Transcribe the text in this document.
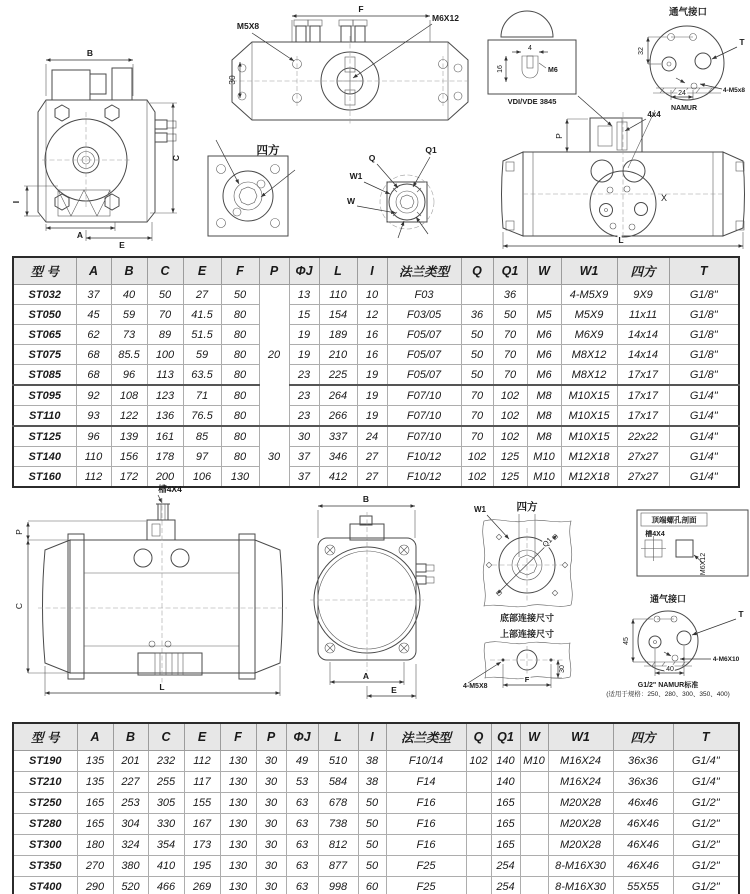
B
C
I
A
E
F
M5X8
M6X12
30
四方
Q
Q1
W1
W
4
M6
16
VDI/VDE 3845
通气接口
32
24
NAMUR
T
4-M5x8
4x4
P
X
L
型 号	A	B	C	E	F	P	ΦJ	L	I	法兰类型	Q	Q1	W	W1	四方	T
ST032	37	40	50	27	50	20	13	110	10	F03		36		4-M5X9	9X9	G1/8"
ST050	45	59	70	41.5	80		15	154	12	F03/05	36	50	M5	M5X9	11x11	G1/8"
ST065	62	73	89	51.5	80		19	189	16	F05/07	50	70	M6	M6X9	14x14	G1/8"
ST075	68	85.5	100	59	80		19	210	16	F05/07	50	70	M6	M8X12	14x14	G1/8"
ST085	68	96	113	63.5	80		23	225	19	F05/07	50	70	M6	M8X12	17x17	G1/8"
ST095	92	108	123	71	80		23	264	19	F07/10	70	102	M8	M10X15	17x17	G1/4"
ST110	93	122	136	76.5	80		23	266	19	F07/10	70	102	M8	M10X15	17x17	G1/4"
ST125	96	139	161	85	80	30	30	337	24	F07/10	70	102	M8	M10X15	22x22	G1/4"
ST140	110	156	178	97	80		37	346	27	F10/12	102	125	M10	M12X18	27x27	G1/4"
ST160	112	172	200	106	130		37	412	27	F10/12	102	125	M10	M12X18	27x27	G1/4"
槽4X4
P
C
L
B
A
E
W1	四方
Q1
底部连接尺寸
上部连接尺寸
4-M5X8
F
30
顶端螺孔剖面
槽4X4
M6X12
通气接口
45
40
T
4-M6X10
G1/2" NAMUR标准
(适用于规格：250、280、300、350、400)
型 号	A	B	C	E	F	P	ΦJ	L	I	法兰类型	Q	Q1	W	W1	四方	T
ST190	135	201	232	112	130	30	49	510	38	F10/14	102	140	M10	M16X24	36x36	G1/4"
ST210	135	227	255	117	130	30	53	584	38	F14		140		M16X24	36x36	G1/4"
ST250	165	253	305	155	130	30	63	678	50	F16		165		M20X28	46x46	G1/2"
ST280	165	304	330	167	130	30	63	738	50	F16		165		M20X28	46X46	G1/2"
ST300	180	324	354	173	130	30	63	812	50	F16		165		M20X28	46X46	G1/2"
ST350	270	380	410	195	130	30	63	877	50	F25		254		8-M16X30	46X46	G1/2"
ST400	290	520	466	269	130	30	63	998	60	F25		254		8-M16X30	55X55	G1/2"
